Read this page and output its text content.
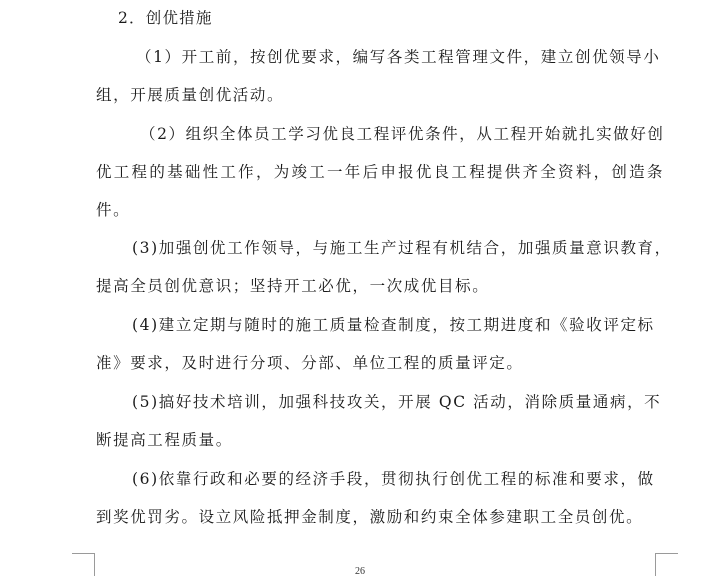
2．创优措施

（1）开工前，按创优要求，编写各类工程管理文件，建立创优领导小
组，开展质量创优活动。

（2）组织全体员工学习优良工程评优条件，从工程开始就扎实做好创
优工程的基础性工作，为竣工一年后申报优良工程提供齐全资料，创造条件。

(3)加强创优工作领导，与施工生产过程有机结合，加强质量意识教育，
提高全员创优意识；坚持开工必优，一次成优目标。

(4)建立定期与随时的施工质量检查制度，按工期进度和《验收评定标
准》要求，及时进行分项、分部、单位工程的质量评定。

(5)搞好技术培训，加强科技攻关，开展 QC 活动，消除质量通病，不
断提高工程质量。

(6)依靠行政和必要的经济手段，贯彻执行创优工程的标准和要求，做
到奖优罚劣。设立风险抵押金制度，激励和约束全体参建职工全员创优。

26
